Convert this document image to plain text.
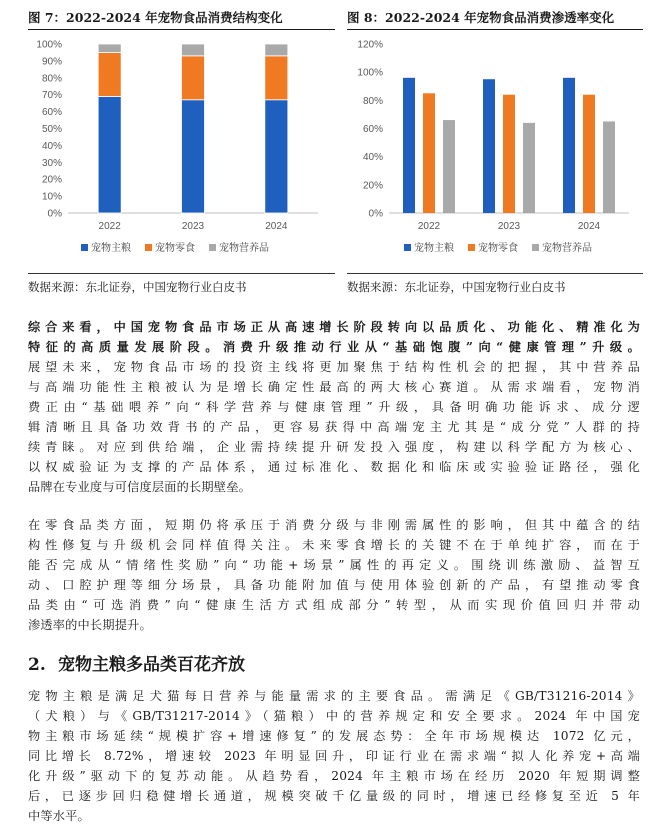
图 7：2022-2024 年宠物食品消费结构变化	图 8：2022-2024 年宠物食品消费渗透率变化
0%
10%
20%
30%
40%
50%
60%
70%
80%
90%
100%
2022	2023	2024
宠物主粮 宠物零食 宠物营养品
0%
20%
40%
60%
80%
100%
120%
2022	2023	2024
宠物主粮 宠物零食 宠物营养品
数据来源：东北证券，中国宠物行业白皮书	数据来源：东北证券，中国宠物行业白皮书
综合来看，中国宠物食品市场正从高速增长阶段转向以品质化、功能化、精准化为
特征的高质量发展阶段。消费升级推动行业从“基础饱腹”向“健康管理”升级。
展望未来，宠物食品市场的投资主线将更加聚焦于结构性机会的把握，其中营养品
与高端功能性主粮被认为是增长确定性最高的两大核心赛道。从需求端看，宠物消
费正由“基础喂养”向“科学营养与健康管理”升级，具备明确功能诉求、成分逻
辑清晰且具备功效背书的产品，更容易获得中高端宠主尤其是“成分党”人群的持
续青睐。对应到供给端，企业需持续提升研发投入强度，构建以科学配方为核心、
以权威验证为支撑的产品体系，通过标准化、数据化和临床或实验验证路径，强化
品牌在专业度与可信度层面的长期壁垒。
在零食品类方面，短期仍将承压于消费分级与非刚需属性的影响，但其中蕴含的结
构性修复与升级机会同样值得关注。未来零食增长的关键不在于单纯扩容，而在于
能否完成从“情绪性奖励”向“功能+场景”属性的再定义。围绕训练激励、益智互
动、口腔护理等细分场景，具备功能附加值与使用体验创新的产品，有望推动零食
品类由“可选消费”向“健康生活方式组成部分”转型，从而实现价值回归并带动
渗透率的中长期提升。
2. 宠物主粮多品类百花齐放
宠物主粮是满足犬猫每日营养与能量需求的主要食品。需满足《GB/T31216-2014》
（犬粮）与《GB/T31217-2014》（猫粮）中的营养规定和安全要求。2024 年中国宠
物主粮市场延续“规模扩容+增速修复”的发展态势：全年市场规模达 1072 亿元，
同比增长 8.72%，增速较 2023 年明显回升，印证行业在需求端“拟人化养宠+高端
化升级”驱动下的复苏动能。从趋势看，2024 年主粮市场在经历 2020 年短期调整
后，已逐步回归稳健增长通道，规模突破千亿量级的同时，增速已经修复至近 5 年
中等水平。
